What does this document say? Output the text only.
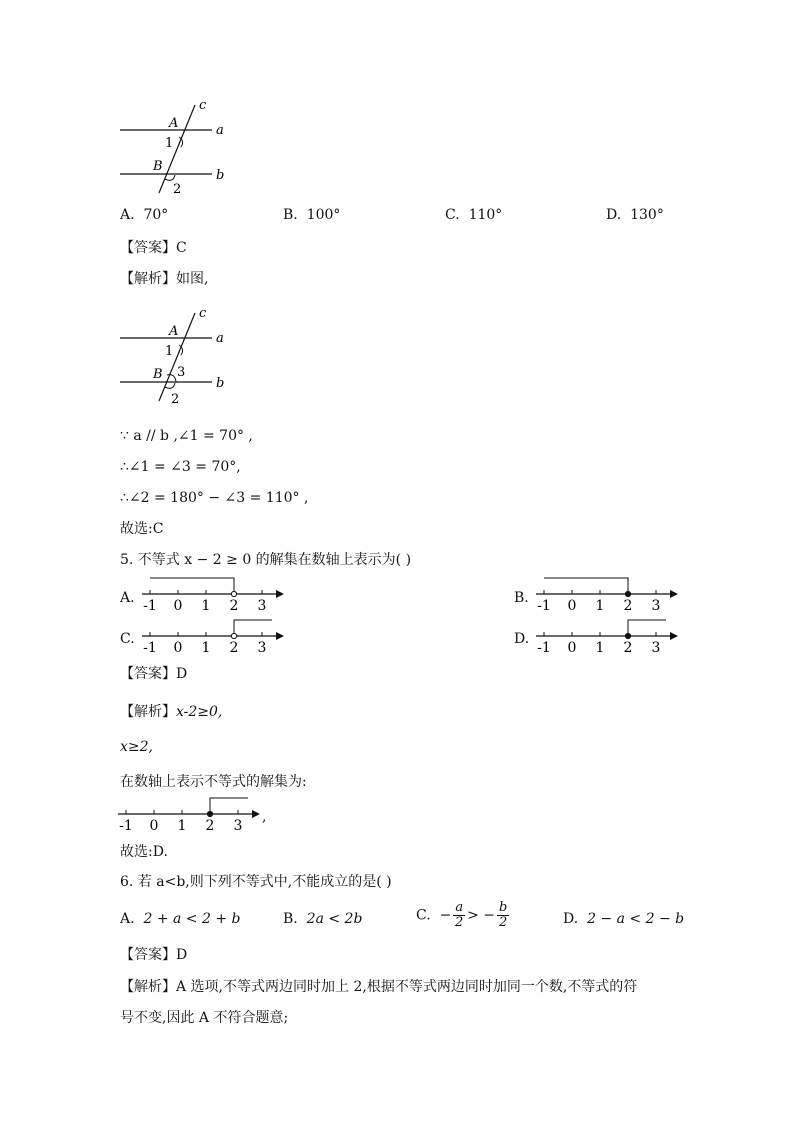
c
A	a
1
B
b
2
A. 70°	B. 100°	C. 110°	D. 130°
【答案】C
【解析】如图,
c
A	a
1
B 3
b
2
∵ a // b ,∠1 = 70° ,
∴∠1 = ∠3 = 70°,
∴∠2 = 180° − ∠3 = 110° ,
故选:C
5. 不等式 x − 2 ≥ 0 的解集在数轴上表示为( )
A. -1 0 1 2 3	B. -1 0 1 2 3
C.
-1 0 1 2 3
D.
-1 0 1 2 3
【答案】D
【解析】x-2≥0,
x≥2,
在数轴上表示不等式的解集为:
-1 0 1 2 3
,
故选:D.
6. 若 a<b,则下列不等式中,不能成立的是( )
A. 2 + a < 2 + b	B. 2a < 2b	C. − $\frac{a}{2}$ > − $\frac{b}{2}$	D. 2 − a < 2 − b
【答案】D
【解析】A 选项,不等式两边同时加上 2,根据不等式两边同时加同一个数,不等式的符
号不变,因此 A 不符合题意;
